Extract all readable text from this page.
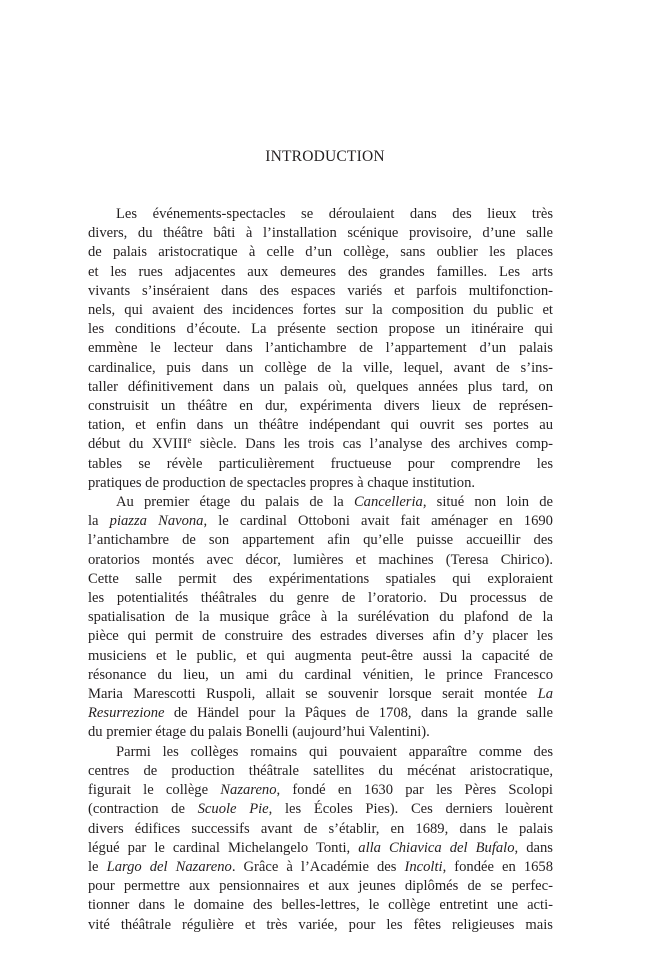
INTRODUCTION
Les événements-spectacles se déroulaient dans des lieux très
divers, du théâtre bâti à l’installation scénique provisoire, d’une salle
de palais aristocratique à celle d’un collège, sans oublier les places
et les rues adjacentes aux demeures des grandes familles. Les arts
vivants s’inséraient dans des espaces variés et parfois multifonction-
nels, qui avaient des incidences fortes sur la composition du public et
les conditions d’écoute. La présente section propose un itinéraire qui
emmène le lecteur dans l’antichambre de l’appartement d’un palais
cardinalice, puis dans un collège de la ville, lequel, avant de s’ins-
taller définitivement dans un palais où, quelques années plus tard, on
construisit un théâtre en dur, expérimenta divers lieux de représen-
tation, et enfin dans un théâtre indépendant qui ouvrit ses portes au
début du XVIIIe siècle. Dans les trois cas l’analyse des archives comp-
tables se révèle particulièrement fructueuse pour comprendre les
pratiques de production de spectacles propres à chaque institution.
Au premier étage du palais de la Cancelleria, situé non loin de
la piazza Navona, le cardinal Ottoboni avait fait aménager en 1690
l’antichambre de son appartement afin qu’elle puisse accueillir des
oratorios montés avec décor, lumières et machines (Teresa Chirico).
Cette salle permit des expérimentations spatiales qui exploraient
les potentialités théâtrales du genre de l’oratorio. Du processus de
spatialisation de la musique grâce à la surélévation du plafond de la
pièce qui permit de construire des estrades diverses afin d’y placer les
musiciens et le public, et qui augmenta peut-être aussi la capacité de
résonance du lieu, un ami du cardinal vénitien, le prince Francesco
Maria Marescotti Ruspoli, allait se souvenir lorsque serait montée La
Resurrezione de Händel pour la Pâques de 1708, dans la grande salle
du premier étage du palais Bonelli (aujourd’hui Valentini).
Parmi les collèges romains qui pouvaient apparaître comme des
centres de production théâtrale satellites du mécénat aristocratique,
figurait le collège Nazareno, fondé en 1630 par les Pères Scolopi
(contraction de Scuole Pie, les Écoles Pies). Ces derniers louèrent
divers édifices successifs avant de s’établir, en 1689, dans le palais
légué par le cardinal Michelangelo Tonti, alla Chiavica del Bufalo, dans
le Largo del Nazareno. Grâce à l’Académie des Incolti, fondée en 1658
pour permettre aux pensionnaires et aux jeunes diplômés de se perfec-
tionner dans le domaine des belles-lettres, le collège entretint une acti-
vité théâtrale régulière et très variée, pour les fêtes religieuses mais
